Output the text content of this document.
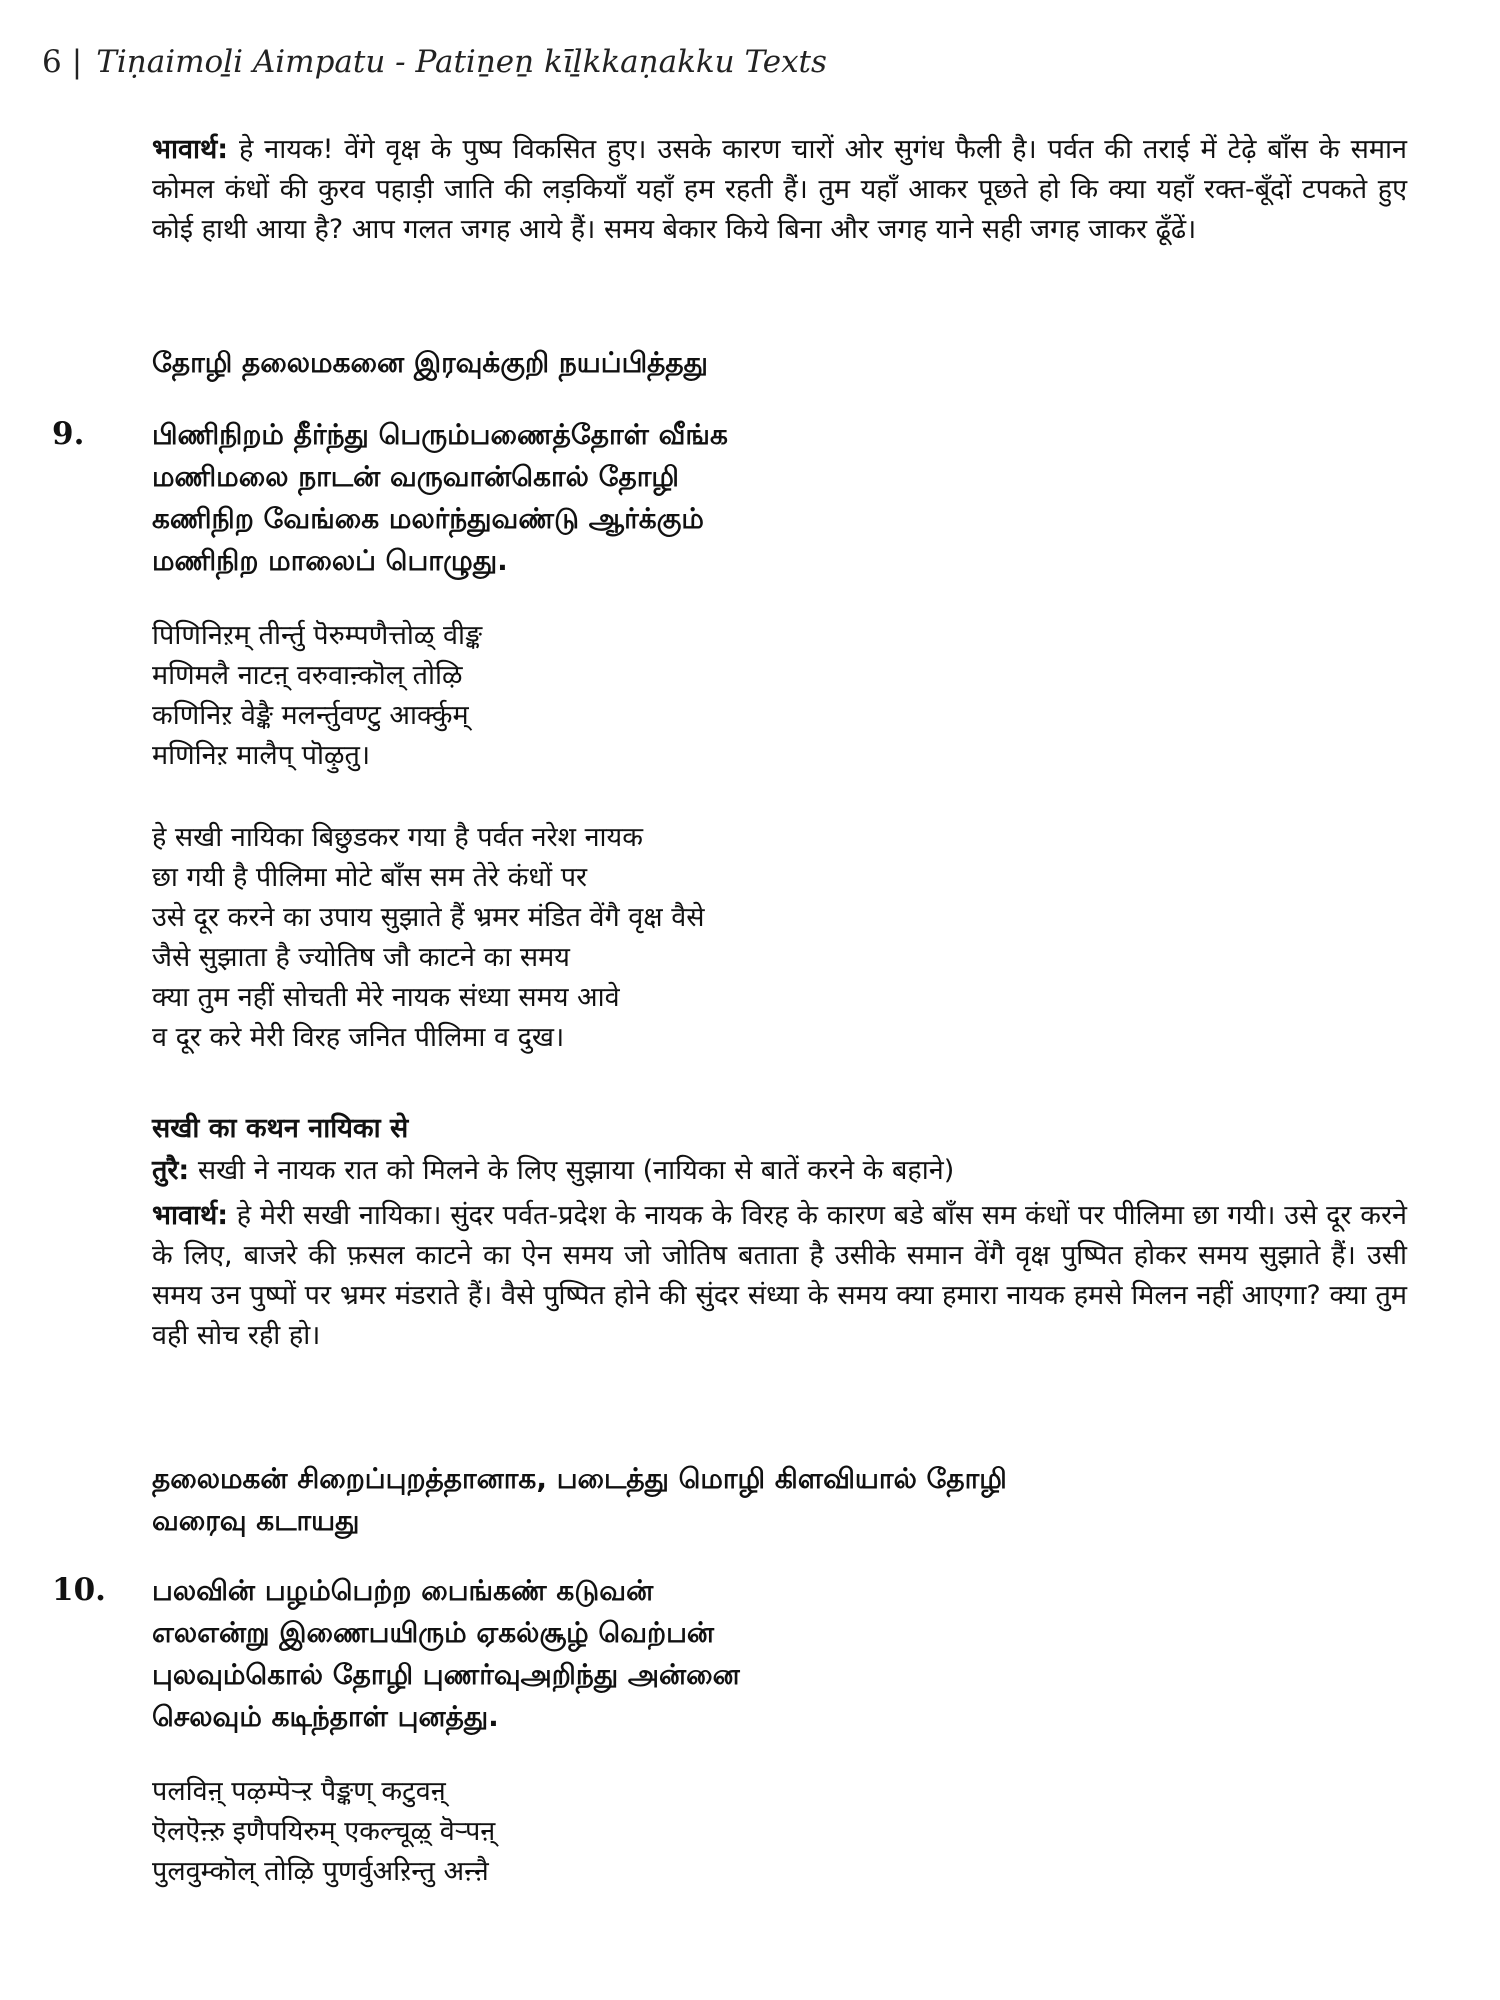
6 | Tiṇaimoḻi Aimpatu - Patiṉeṉ kīḻkkaṇakku Texts
भावार्थ: हे नायक! वेंगे वृक्ष के पुष्प विकसित हुए। उसके कारण चारों ओर सुगंध फैली है। पर्वत की तराई में टेढ़े बाँस के समान कोमल कंधों की कुरव पहाड़ी जाति की लड़कियाँ यहाँ हम रहती हैं। तुम यहाँ आकर पूछते हो कि क्या यहाँ रक्त-बूँदों टपकते हुए कोई हाथी आया है? आप गलत जगह आये हैं। समय बेकार किये बिना और जगह याने सही जगह जाकर ढूँढें।
தோழி தலைமகனை இரவுக்குறி நயப்பித்தது
9. பிணிநிறம் தீர்ந்து பெரும்பணைத்தோள் வீங்க
மணிமலை நாடன் வருவான்கொல் தோழி
கணிநிற வேங்கை மலர்ந்துவண்டு ஆர்க்கும்
மணிநிற மாலைப் பொழுது.
पिणिनिऱम् तीर्न्तु पॆरुम्पणैत्तोळ् वीङ्क
मणिमलै नाटऩ् वरुवाऩ्कॊल् तोऴि
कणिनिऱ वेङ्कै मलर्न्तुवण्टु आर्क्कुम्
मणिनिऱ मालैप् पॊऴुतु।
हे सखी नायिका बिछुडकर गया है पर्वत नरेश नायक
छा गयी है पीलिमा मोटे बाँस सम तेरे कंधों पर
उसे दूर करने का उपाय सुझाते हैं भ्रमर मंडित वेंगै वृक्ष वैसे
जैसे सुझाता है ज्योतिष जौ काटने का समय
क्या तुम नहीं सोचती मेरे नायक संध्या समय आवे
व दूर करे मेरी विरह जनित पीलिमा व दुख।
सखी का कथन नायिका से
तुरै: सखी ने नायक रात को मिलने के लिए सुझाया (नायिका से बातें करने के बहाने)
भावार्थ: हे मेरी सखी नायिका। सुंदर पर्वत-प्रदेश के नायक के विरह के कारण बडे बाँस सम कंधों पर पीलिमा छा गयी। उसे दूर करने के लिए, बाजरे की फ़सल काटने का ऐन समय जो जोतिष बताता है उसीके समान वेंगै वृक्ष पुष्पित होकर समय सुझाते हैं। उसी समय उन पुष्पों पर भ्रमर मंडराते हैं। वैसे पुष्पित होने की सुंदर संध्या के समय क्या हमारा नायक हमसे मिलन नहीं आएगा? क्या तुम वही सोच रही हो।
தலைமகன் சிறைப்புறத்தானாக, படைத்து மொழி கிளவியால் தோழி
வரைவு கடாயது
10. பலவின் பழம்பெற்ற பைங்கண் கடுவன்
எலஎன்று இணைபயிரும் ஏகல்சூழ் வெற்பன்
புலவும்கொல் தோழி புணர்வுஅறிந்து அன்னை
செலவும் கடிந்தாள் புனத்து.
पलविऩ् पऴम्पॆऱ्ऱ पैङ्कण् कटुवऩ्
ऎलऎऩ्ऱु इणैपयिरुम् एकल्चूऴ् वॆऱ्पऩ्
पुलवुम्कॊल् तोऴि पुणर्वुअऱिन्तु अऩ्ऩै
